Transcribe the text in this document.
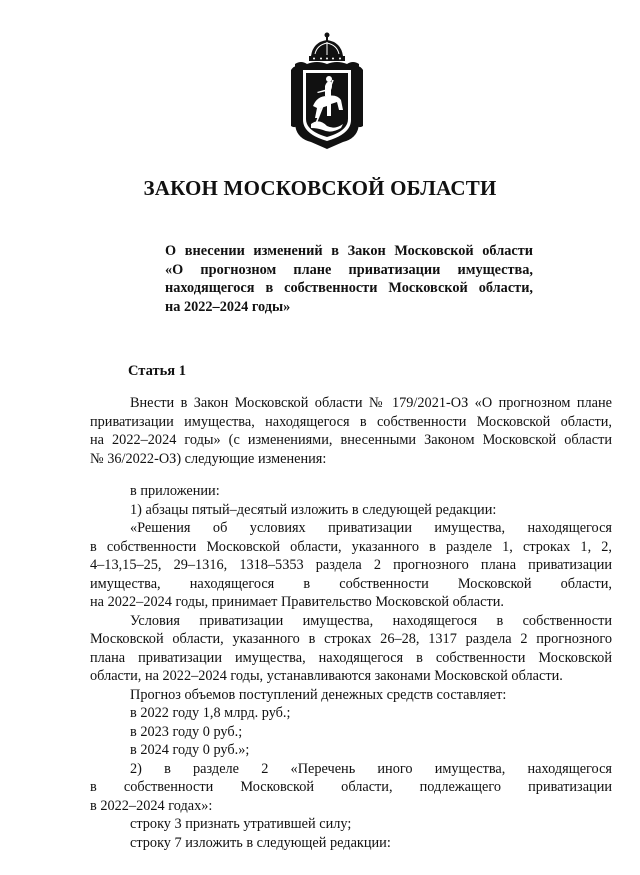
ЗАКОН МОСКОВСКОЙ ОБЛАСТИ
О внесении изменений в Закон Московской области
«О прогнозном плане приватизации имущества,
находящегося в собственности Московской области,
на 2022–2024 годы»
Статья 1
Внести в Закон Московской области № 179/2021-ОЗ «О прогнозном плане
приватизации имущества, находящегося в собственности Московской области,
на 2022–2024 годы» (с изменениями, внесенными Законом Московской области
№ 36/2022-ОЗ) следующие изменения:
в приложении:
1) абзацы пятый–десятый изложить в следующей редакции:
«Решения об условиях приватизации имущества, находящегося
в собственности Московской области, указанного в разделе 1, строках 1, 2,
4–13,15–25, 29–1316, 1318–5353 раздела 2 прогнозного плана приватизации
имущества, находящегося в собственности Московской области,
на 2022–2024 годы, принимает Правительство Московской области.
Условия приватизации имущества, находящегося в собственности
Московской области, указанного в строках 26–28, 1317 раздела 2 прогнозного
плана приватизации имущества, находящегося в собственности Московской
области, на 2022–2024 годы, устанавливаются законами Московской области.
Прогноз объемов поступлений денежных средств составляет:
в 2022 году 1,8 млрд. руб.;
в 2023 году 0 руб.;
в 2024 году 0 руб.»;
2) в разделе 2 «Перечень иного имущества, находящегося
в собственности Московской области, подлежащего приватизации
в 2022–2024 годах»:
строку 3 признать утратившей силу;
строку 7 изложить в следующей редакции:
